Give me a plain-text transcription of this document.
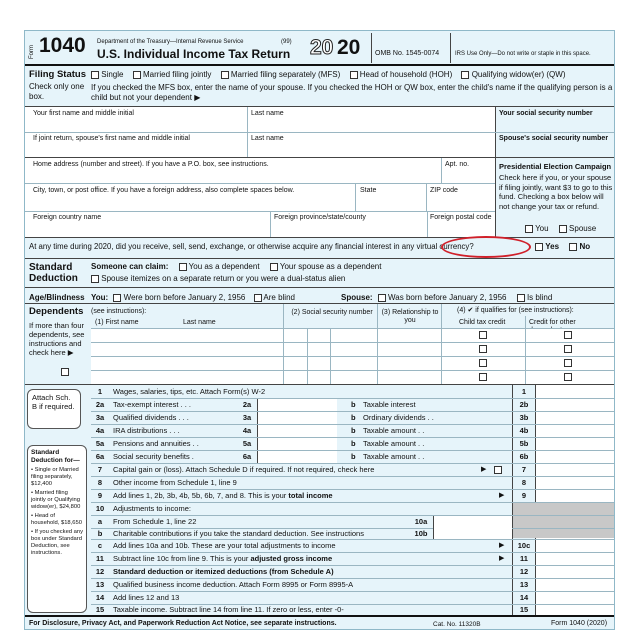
Form 1040 Department of the Treasury—Internal Revenue Service	(99)
U.S. Individual Income Tax Return 20 20 OMB No. 1545-0074	IRS Use Only—Do not write or staple in this space.
Filing Status
Check only one box.
Single Married filing jointly Married filing separately (MFS) Head of household (HOH) Qualifying widow(er) (QW)
If you checked the MFS box, enter the name of your spouse. If you checked the HOH or QW box, enter the child's name if the qualifying person is a child but not your dependent ▶
Your first name and middle initial	Last name	Your social security number
If joint return, spouse's first name and middle initial	Last name	Spouse's social security number
Home address (number and street). If you have a P.O. box, see instructions.	Apt. no.
City, town, or post office. If you have a foreign address, also complete spaces below.	State	ZIP code
Foreign country name	Foreign province/state/county	Foreign postal code
Presidential Election Campaign
Check here if you, or your spouse if filing jointly, want $3 to go to this fund. Checking a box below will not change your tax or refund.
You	Spouse
At any time during 2020, did you receive, sell, send, exchange, or otherwise acquire any financial interest in any virtual currency?	Yes	No
Standard Deduction
Someone can claim:	You as a dependent	Your spouse as a dependent
Spouse itemizes on a separate return or you were a dual-status alien
Age/Blindness You: Were born before January 2, 1956 Are blind	Spouse: Was born before January 2, 1956	Is blind
Dependents (see instructions):
If more than four dependents, see instructions and check here ▶
(1) First name	Last name
(2) Social security number	(3) Relationship to you
(4) ✔ if qualifies for (see instructions):
Child tax credit	Credit for other
Attach Sch. B if required.
Standard Deduction for—
• Single or Married filing separately, $12,400
• Married filing jointly or Qualifying widow(er), $24,800
• Head of household, $18,650
• If you checked any box under Standard Deduction, see instructions.
1	Wages, salaries, tips, etc. Attach Form(s) W-2	1
2a	Tax-exempt interest . . .	2a	b Taxable interest	2b
3a	Qualified dividends . . .	3a	b Ordinary dividends . .	3b
4a	IRA distributions . . .	4a	b Taxable amount . .	4b
5a	Pensions and annuities . .	5a	b Taxable amount . .	5b
6a	Social security benefits .	6a	b Taxable amount . .	6b
7	Capital gain or (loss). Attach Schedule D if required. If not required, check here	▶	7
8	Other income from Schedule 1, line 9	8
9	Add lines 1, 2b, 3b, 4b, 5b, 6b, 7, and 8. This is your total income	▶	9
10	Adjustments to income:
a	From Schedule 1, line 22	10a
b	Charitable contributions if you take the standard deduction. See instructions	10b
c	Add lines 10a and 10b. These are your total adjustments to income	▶	10c
11	Subtract line 10c from line 9. This is your adjusted gross income	▶	11
12	Standard deduction or itemized deductions (from Schedule A)	12
13	Qualified business income deduction. Attach Form 8995 or Form 8995-A	13
14	Add lines 12 and 13	14
15	Taxable income. Subtract line 14 from line 11. If zero or less, enter -0-	15
For Disclosure, Privacy Act, and Paperwork Reduction Act Notice, see separate instructions.	Cat. No. 11320B	Form 1040 (2020)
